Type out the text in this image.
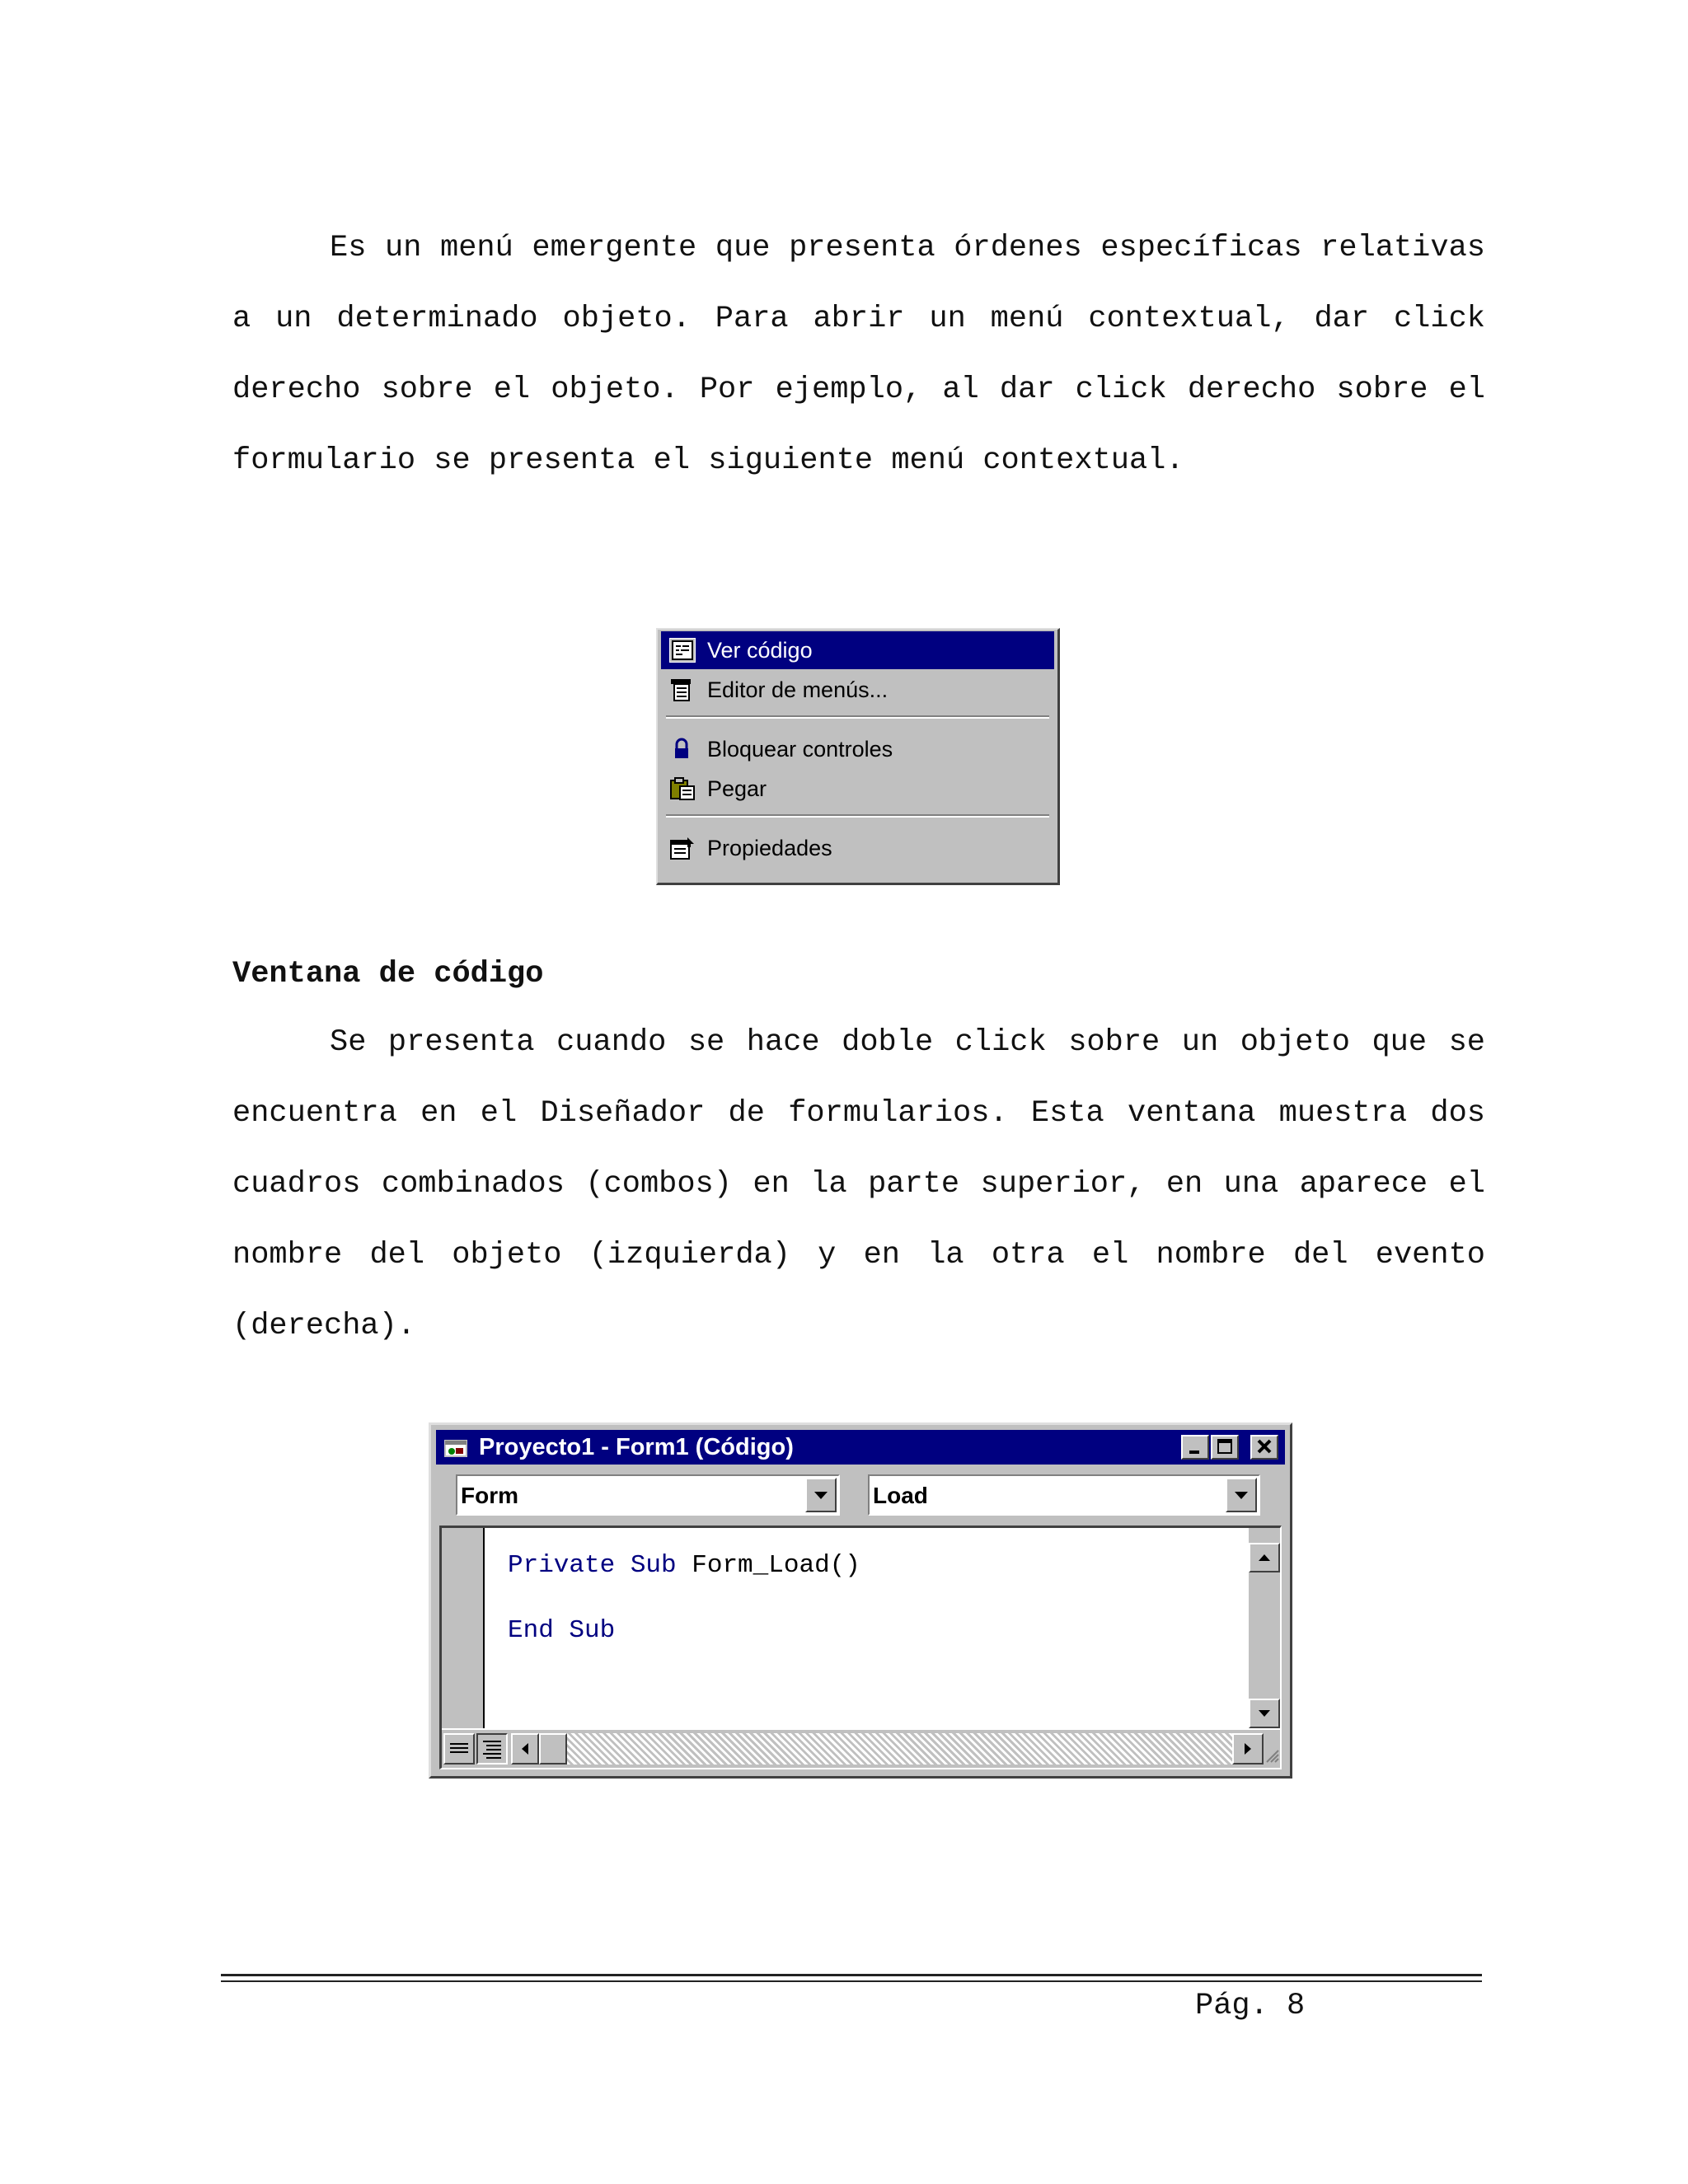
Es un menú emergente que presenta órdenes específicas relativas a un determinado objeto. Para abrir un menú contextual, dar click derecho sobre el objeto. Por ejemplo, al dar click derecho sobre el formulario se presenta el siguiente menú contextual.

Ver código
Editor de menús...
Bloquear controles
Pegar
Propiedades
Ventana de código

Se presenta cuando se hace doble click sobre un objeto que se encuentra en el Diseñador de formularios. Esta ventana muestra dos cuadros combinados (combos) en la parte superior, en una aparece el nombre del objeto (izquierda) y en la otra el nombre del evento (derecha).

Proyecto1 - Form1 (Código)
Form	Load
Private Sub Form_Load()
End Sub
Pág. 8
